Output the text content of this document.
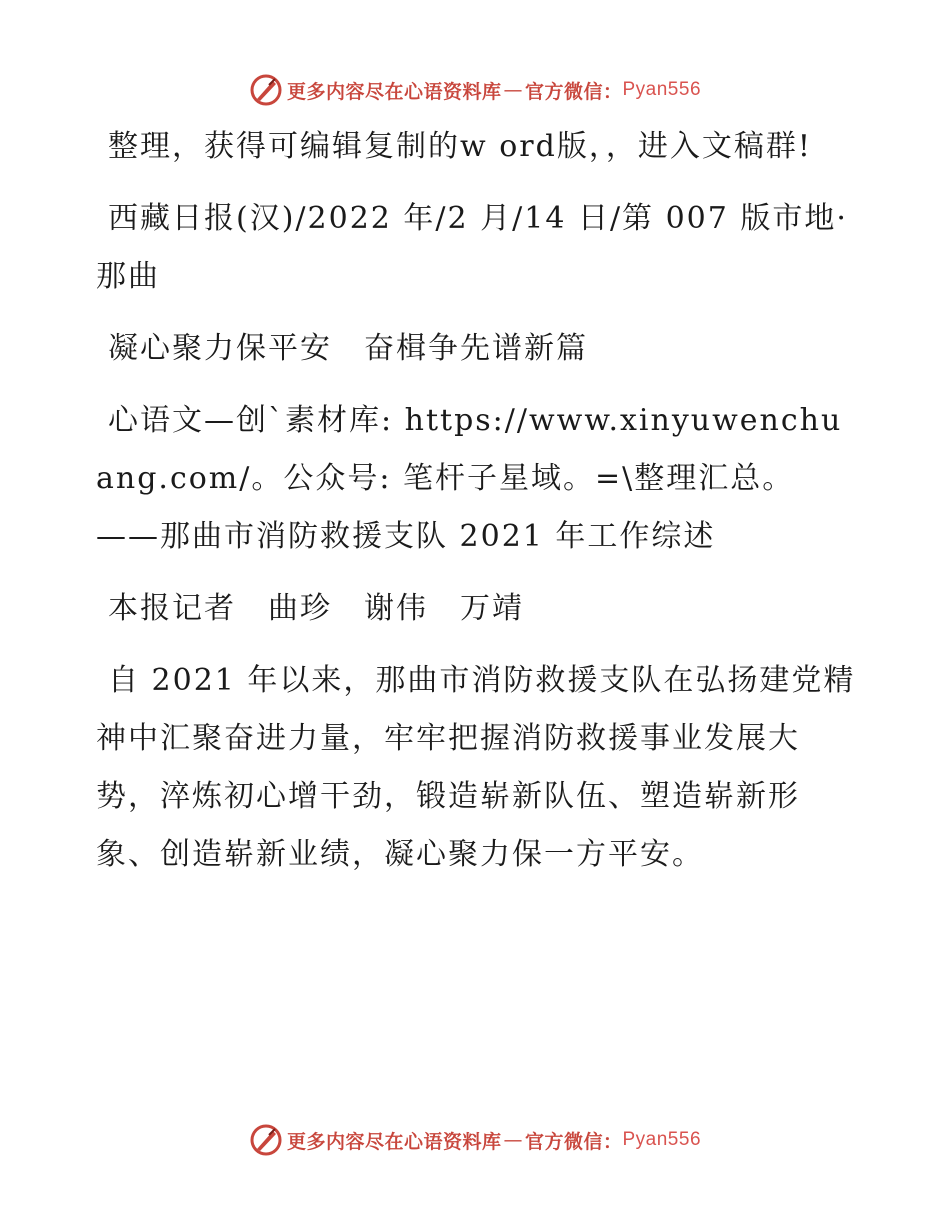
更多内容尽在心语资料库 — 官方微信： Pyan556

整理，获得可编辑复制的w ord版，，进入文稿群!

西藏日报(汉)/2022 年/2 月/14 日/第 007 版市地· 那曲

凝心聚力保平安　奋楫争先谱新篇

心语文—创`素材库: https://www.xinyuwenchuang.com/。公众号: 笔杆子星域。=\整理汇总。——那曲市消防救援支队 2021 年工作综述

本报记者　曲珍　谢伟　万靖

自 2021 年以来，那曲市消防救援支队在弘扬建党精神中汇聚奋进力量，牢牢把握消防救援事业发展大势，淬炼初心增干劲，锻造崭新队伍、塑造崭新形象、创造崭新业绩，凝心聚力保一方平安。

更多内容尽在心语资料库 — 官方微信： Pyan556
